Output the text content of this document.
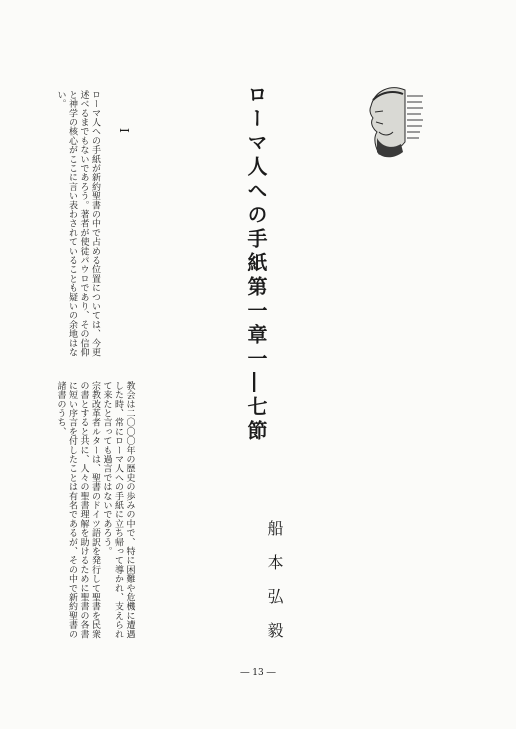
ローマ人への手紙第一章一―七節
I

ローマ人への手紙が新約聖書の中で占める位置については、今更述べるまでもないであろう。著者が使徒パウロであり、その信仰と神学の核心がここに言い表わされていることも疑いの余地はない。

船本弘毅

教会は二〇〇〇年の歴史の歩みの中で、特に困難や危機に遭遇した時、常にローマ人への手紙に立ち帰って導かれ、支えられて来たと言っても過言ではないであろう。

宗教改革者ルターは、聖書のドイツ語訳を発行して聖書を民衆の書とすると共に、人々の聖書理解を助けるために聖書の各書に短い序言を付したことは有名であるが、その中で新約聖書の諸書のうち、

― 13 ―
